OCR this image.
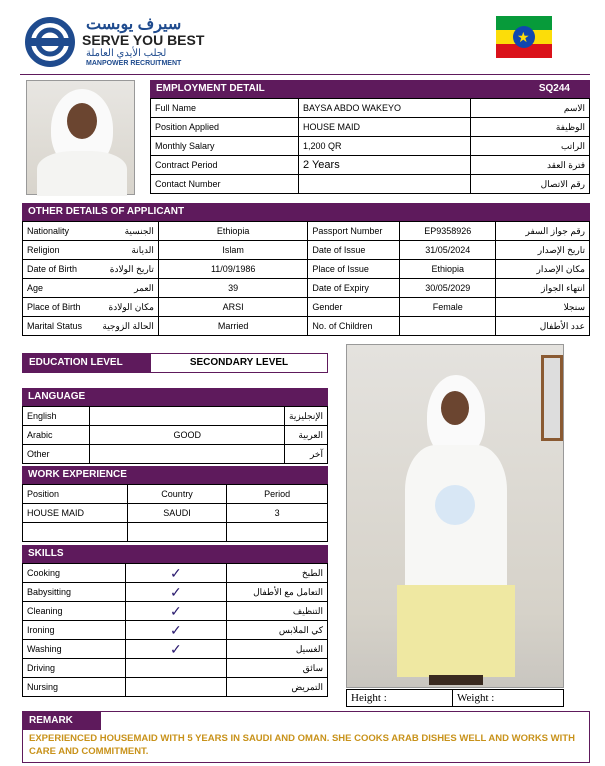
سيرف يوبست
SERVE YOU BEST
لجلب الأيدي العاملة
MANPOWER RECRUITMENT
★
EMPLOYMENT DETAIL	SQ244
Full Name	BAYSA ABDO WAKEYO	الاسم
Position Applied	HOUSE MAID	الوظيفة
Monthly Salary	1,200 QR	الراتب
Contract Period	2 Years	فترة العقد
Contact Number		رقم الاتصال
OTHER DETAILS OF APPLICANT
Nationality	الجنسية	Ethiopia	Passport Number	EP9358926	رقم جواز السفر
Religion	الديانة	Islam	Date of Issue	31/05/2024	تاريخ الإصدار
Date of Birth	تاريخ الولادة	11/09/1986	Place of Issue	Ethiopia	مكان الإصدار
Age	العمر	39	Date of Expiry	30/05/2029	انتهاء الجواز
Place of Birth	مكان الولادة	ARSI	Gender	Female	سنجلا
Marital Status	الحالة الزوجية	Married	No. of Children		عدد الأطفال
EDUCATION LEVEL	SECONDARY LEVEL
LANGUAGE
English		الإنجليزية
Arabic	GOOD	العربية
Other		آخر
WORK EXPERIENCE
Position	Country	Period
HOUSE MAID	SAUDI	3

SKILLS
Cooking	✓	الطبخ
Babysitting	✓	التعامل مع الأطفال
Cleaning	✓	التنظيف
Ironing	✓	كي الملابس
Washing	✓	الغسيل
Driving		سائق
Nursing		التمريض
Height :	Weight :
REMARK
EXPERIENCED HOUSEMAID WITH 5 YEARS IN SAUDI AND OMAN. SHE COOKS ARAB DISHES WELL AND WORKS WITH CARE AND COMMITMENT.
